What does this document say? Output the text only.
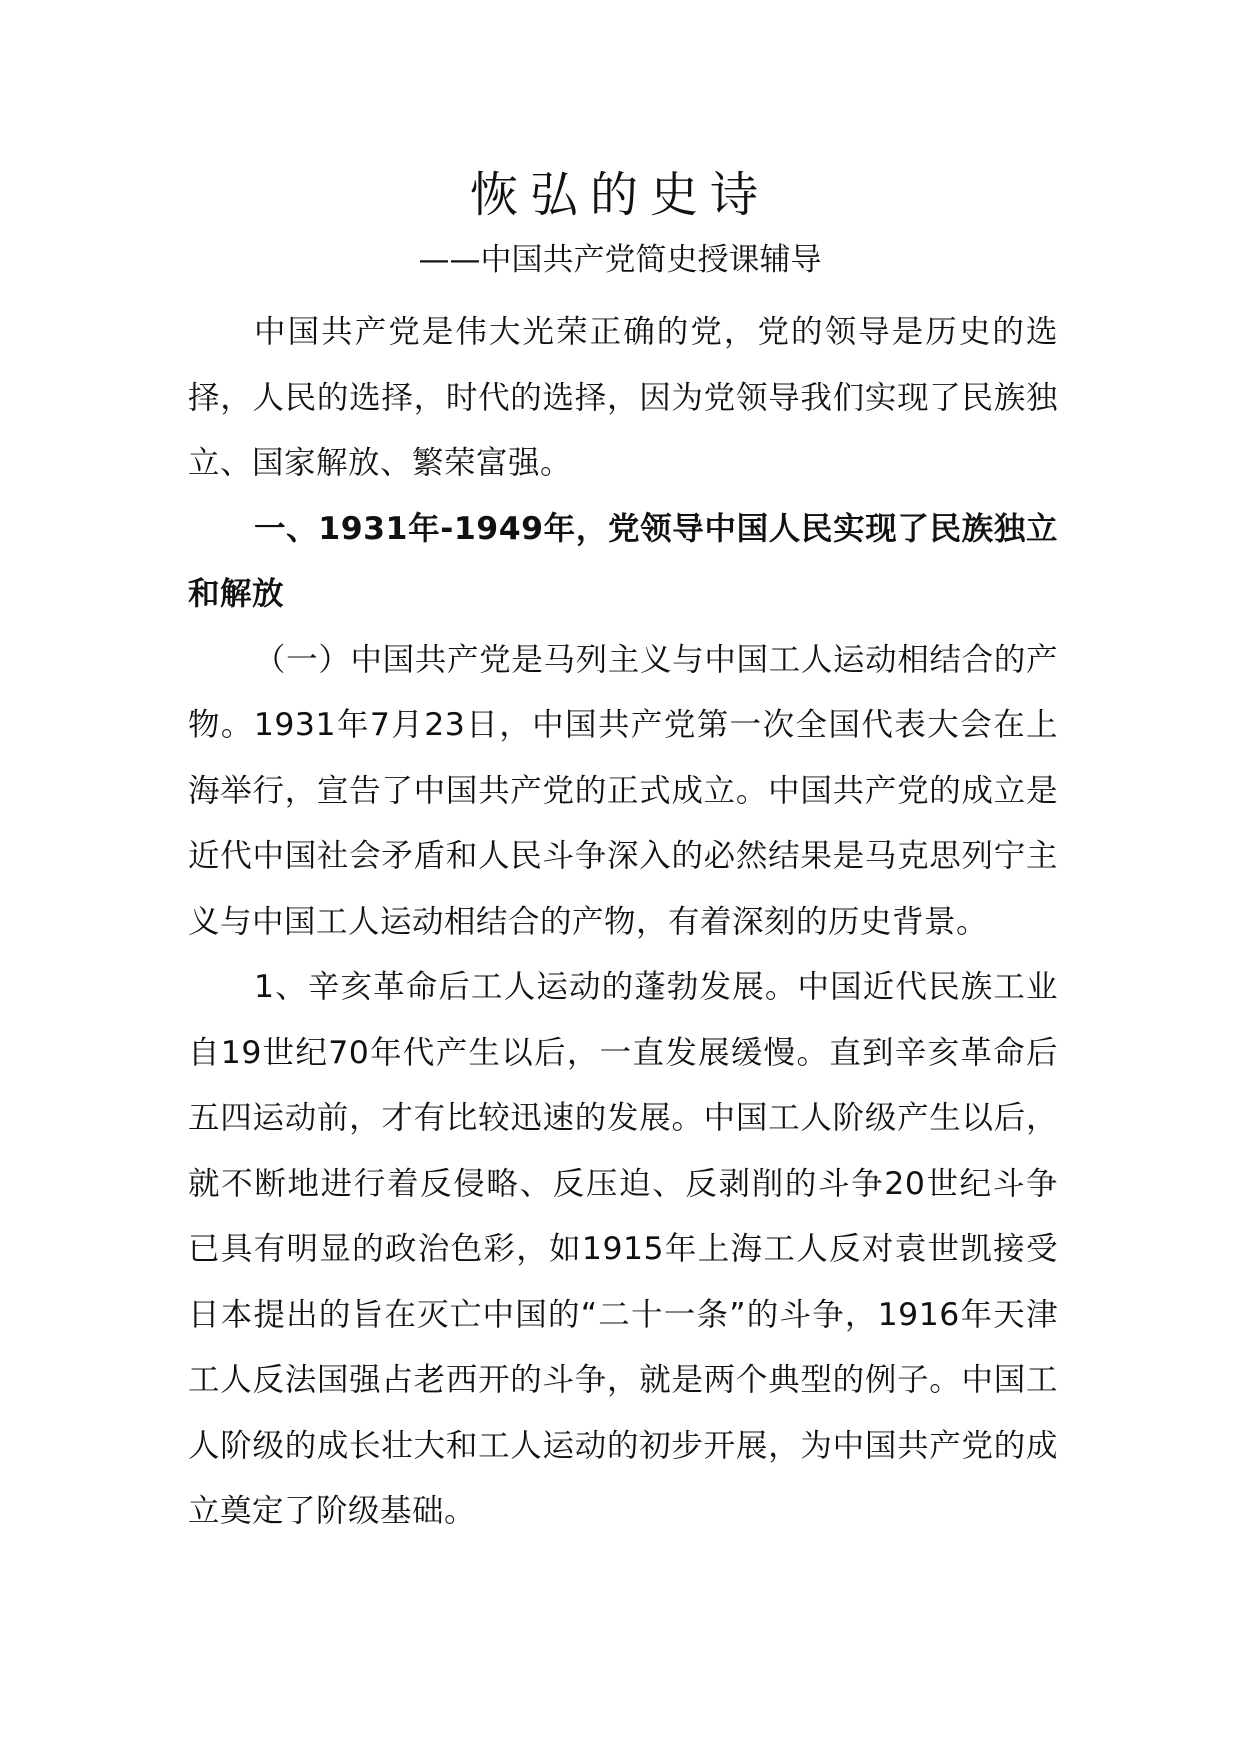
恢弘的史诗
——中国共产党简史授课辅导

中国共产党是伟大光荣正确的党，党的领导是历史的选择，人民的选择，时代的选择，因为党领导我们实现了民族独立、国家解放、繁荣富强。

一、1931年-1949年，党领导中国人民实现了民族独立和解放

（一）中国共产党是马列主义与中国工人运动相结合的产物。1931年7月23日，中国共产党第一次全国代表大会在上海举行，宣告了中国共产党的正式成立。中国共产党的成立是近代中国社会矛盾和人民斗争深入的必然结果是马克思列宁主义与中国工人运动相结合的产物，有着深刻的历史背景。

1、辛亥革命后工人运动的蓬勃发展。中国近代民族工业自19世纪70年代产生以后，一直发展缓慢。直到辛亥革命后五四运动前，才有比较迅速的发展。中国工人阶级产生以后，就不断地进行着反侵略、反压迫、反剥削的斗争20世纪斗争已具有明显的政治色彩，如1915年上海工人反对袁世凯接受日本提出的旨在灭亡中国的“二十一条”的斗争，1916年天津工人反法国强占老西开的斗争，就是两个典型的例子。中国工人阶级的成长壮大和工人运动的初步开展，为中国共产党的成立奠定了阶级基础。
